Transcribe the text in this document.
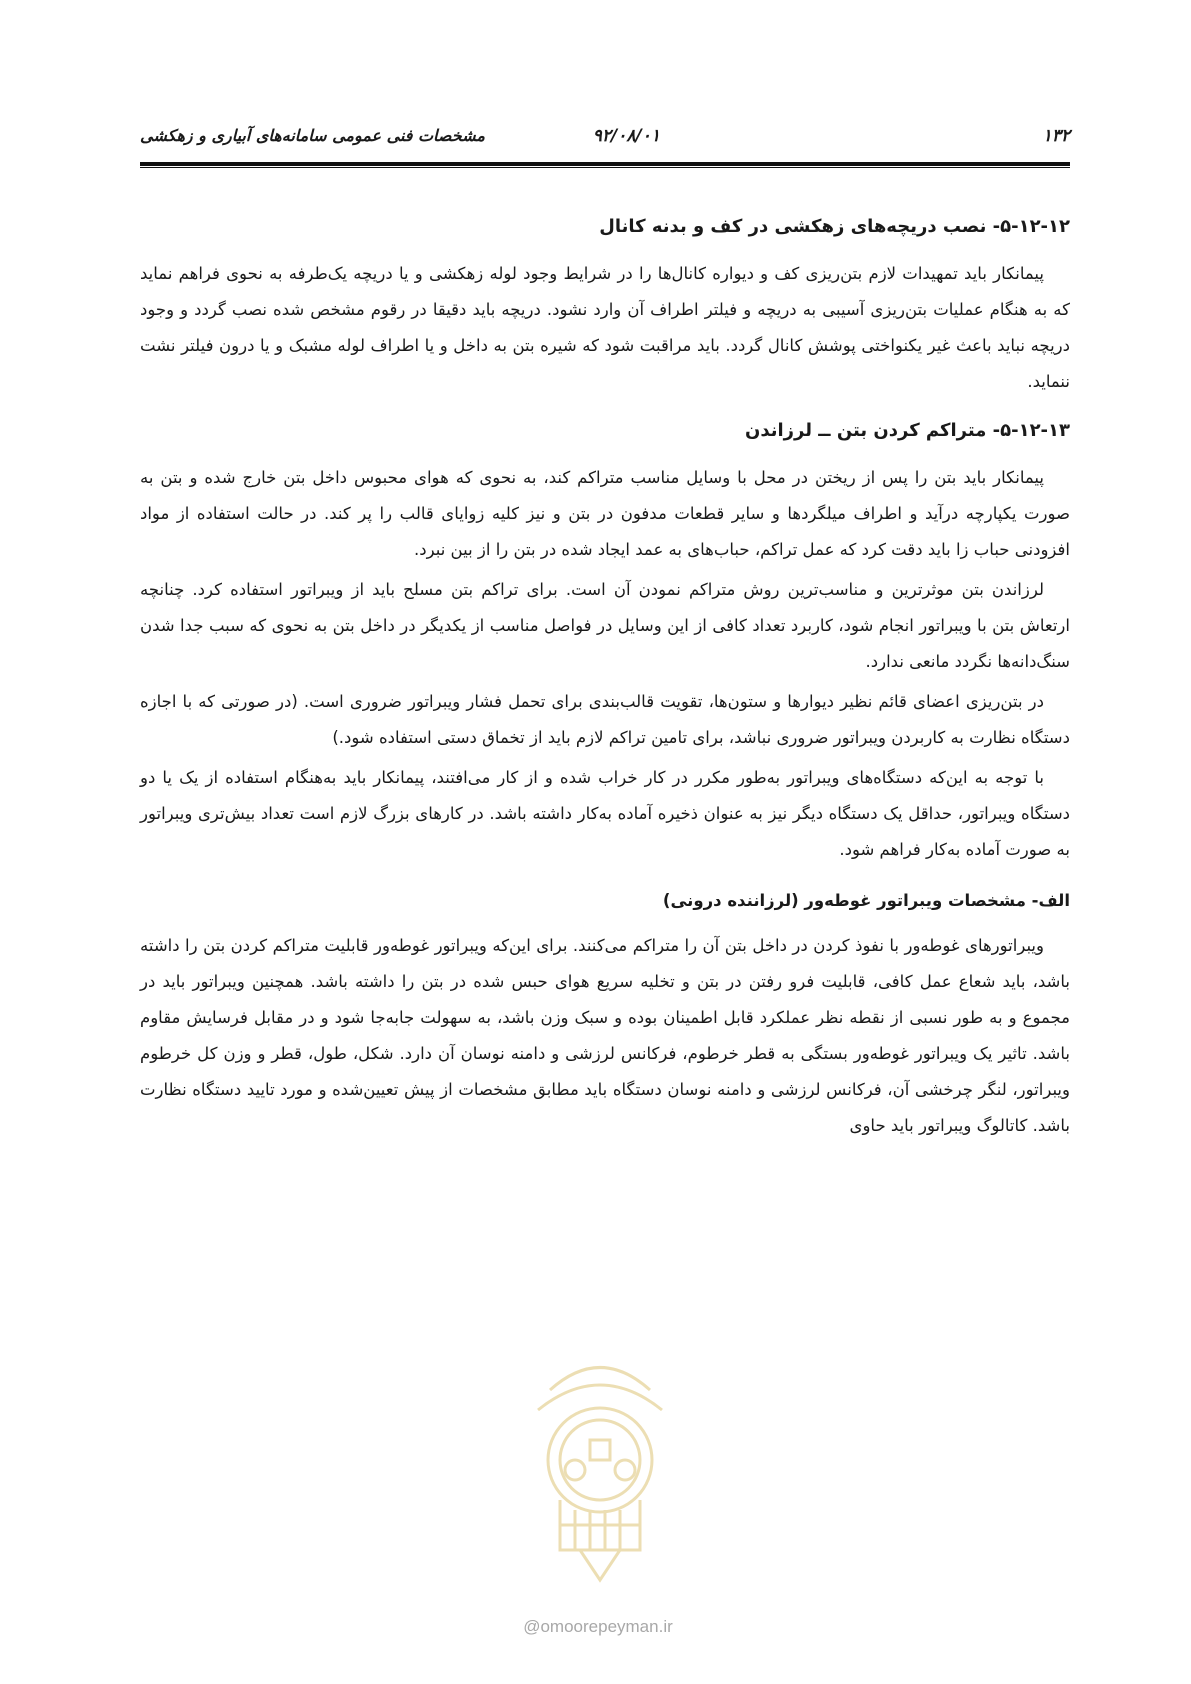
۱۳۲
۹۲/۰۸/۰۱
مشخصات فنی عمومی سامانه‌های آبیاری و زهکشی
۵-۱۲-۱۲- نصب دریچه‌های زهکشی در کف و بدنه کانال

پیمانکار باید تمهیدات لازم بتن‌ریزی کف و دیواره کانال‌ها را در شرایط وجود لوله زهکشی و یا دریچه یک‌طرفه به نحوی فراهم نماید که به هنگام عملیات بتن‌ریزی آسیبی به دریچه و فیلتر اطراف آن وارد نشود. دریچه باید دقیقا در رقوم مشخص شده نصب گردد و وجود دریچه نباید باعث غیر یکنواختی پوشش کانال گردد. باید مراقبت شود که شیره بتن به داخل و یا اطراف لوله مشبک و یا درون فیلتر نشت ننماید.

۵-۱۲-۱۳- متراکم کردن بتن ــ لرزاندن

پیمانکار باید بتن را پس از ریختن در محل با وسایل مناسب متراکم کند، به نحوی که هوای محبوس داخل بتن خارج شده و بتن به صورت یکپارچه درآید و اطراف میلگردها و سایر قطعات مدفون در بتن و نیز کلیه زوایای قالب را پر کند. در حالت استفاده از مواد افزودنی حباب زا باید دقت کرد که عمل تراکم، حباب‌های به عمد ایجاد شده در بتن را از بین نبرد.

لرزاندن بتن موثرترین و مناسب‌ترین روش متراکم نمودن آن است. برای تراکم بتن مسلح باید از ویبراتور استفاده کرد. چنانچه ارتعاش بتن با ویبراتور انجام شود، کاربرد تعداد کافی از این وسایل در فواصل مناسب از یکدیگر در داخل بتن به نحوی که سبب جدا شدن سنگ‌دانه‌ها نگردد مانعی ندارد.

در بتن‌ریزی اعضای قائم نظیر دیوارها و ستون‌ها، تقویت قالب‌بندی برای تحمل فشار ویبراتور ضروری است. (در صورتی که با اجازه دستگاه نظارت به کاربردن ویبراتور ضروری نباشد، برای تامین تراکم لازم باید از تخماق دستی استفاده شود.)

با توجه به این‌که دستگاه‌های ویبراتور به‌طور مکرر در کار خراب شده و از کار می‌افتند، پیمانکار باید به‌هنگام استفاده از یک یا دو دستگاه ویبراتور، حداقل یک دستگاه دیگر نیز به عنوان ذخیره آماده به‌کار داشته باشد. در کارهای بزرگ لازم است تعداد بیش‌تری ویبراتور به صورت آماده به‌کار فراهم شود.

الف- مشخصات ویبراتور غوطه‌ور (لرزاننده درونی)

ویبراتورهای غوطه‌ور با نفوذ کردن در داخل بتن آن را متراکم می‌کنند. برای این‌که ویبراتور غوطه‌ور قابلیت متراکم کردن بتن را داشته باشد، باید شعاع عمل کافی، قابلیت فرو رفتن در بتن و تخلیه سریع هوای حبس شده در بتن را داشته باشد. همچنین ویبراتور باید در مجموع و به طور نسبی از نقطه نظر عملکرد قابل اطمینان بوده و سبک وزن باشد، به سهولت جابه‌جا شود و در مقابل فرسایش مقاوم باشد. تاثیر یک ویبراتور غوطه‌ور بستگی به قطر خرطوم، فرکانس لرزشی و دامنه نوسان آن دارد. شکل، طول، قطر و وزن کل خرطوم ویبراتور، لنگر چرخشی آن، فرکانس لرزشی و دامنه نوسان دستگاه باید مطابق مشخصات از پیش تعیین‌شده و مورد تایید دستگاه نظارت باشد. کاتالوگ ویبراتور باید حاوی

@omoorepeyman.ir
